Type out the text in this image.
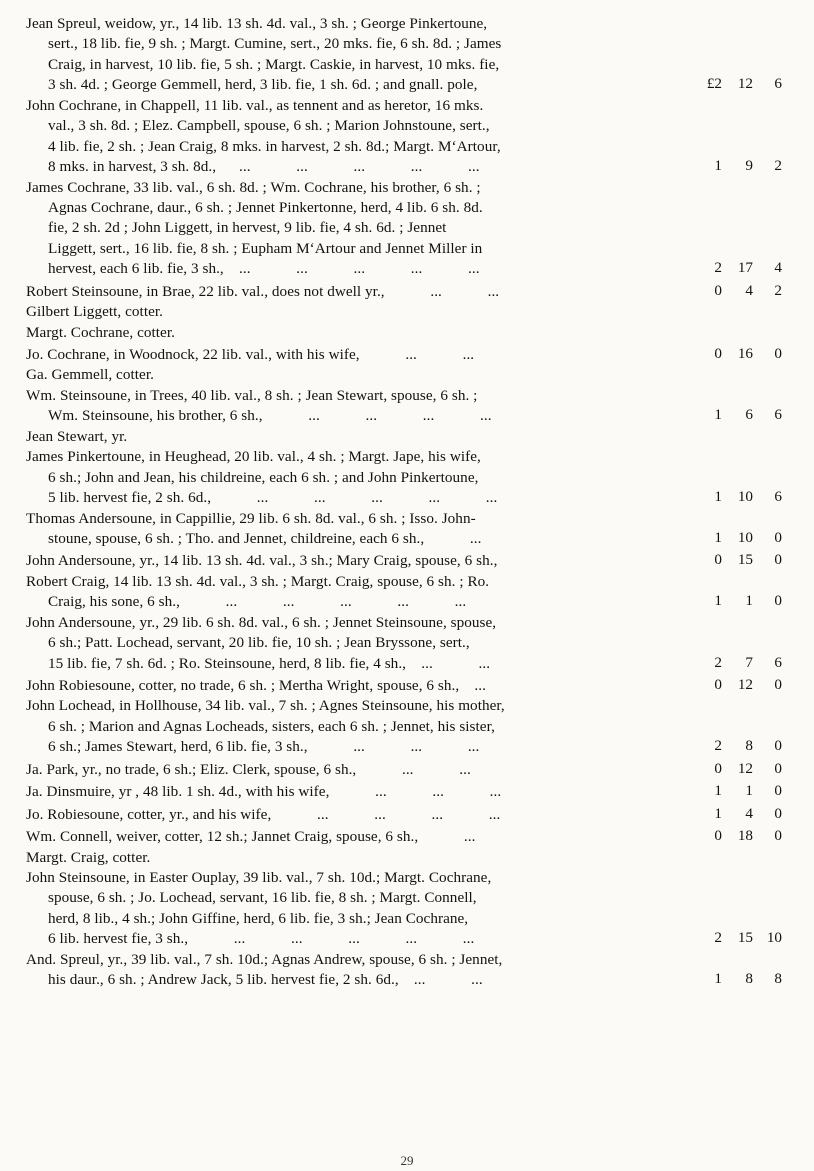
Jean Spreul, weidow, yr., 14 lib. 13 sh. 4d. val., 3 sh. ; George Pinkertoune,
sert., 18 lib. fie, 9 sh. ; Margt. Cumine, sert., 20 mks. fie, 6 sh. 8d. ; James
Craig, in harvest, 10 lib. fie, 5 sh. ; Margt. Caskie, in harvest, 10 mks. fie,
3 sh. 4d. ; George Gemmell, herd, 3 lib. fie, 1 sh. 6d. ; and gnall. pole,	£2	12	6

John Cochrane, in Chappell, 11 lib. val., as tennent and as heretor, 16 mks.
val., 3 sh. 8d. ; Elez. Campbell, spouse, 6 sh. ; Marion Johnstoune, sert.,
4 lib. fie, 2 sh. ; Jean Craig, 8 mks. in harvest, 2 sh. 8d.; Margt. M‘Artour,
8 mks. in harvest, 3 sh. 8d.,   ...   ...   ...   ...   ...	1	9	2

James Cochrane, 33 lib. val., 6 sh. 8d. ; Wm. Cochrane, his brother, 6 sh. ;
Agnas Cochrane, daur., 6 sh. ; Jennet Pinkertonne, herd, 4 lib. 6 sh. 8d.
fie, 2 sh. 2d ; John Liggett, in hervest, 9 lib. fie, 4 sh. 6d. ; Jennet
Liggett, sert., 16 lib. fie, 8 sh. ; Eupham M‘Artour and Jennet Miller in
hervest, each 6 lib. fie, 3 sh., ...   ...   ...   ...   ...	2	17	4

Robert Steinsoune, in Brae, 22 lib. val., does not dwell yr.,   ...   ...	0	4	2

Gilbert Liggett, cotter.			

Margt. Cochrane, cotter.			

Jo. Cochrane, in Woodnock, 22 lib. val., with his wife,   ...   ...	0	16	0

Ga. Gemmell, cotter.			

Wm. Steinsoune, in Trees, 40 lib. val., 8 sh. ; Jean Stewart, spouse, 6 sh. ;
Wm. Steinsoune, his brother, 6 sh.,   ...   ...   ...   ...	1	6	6

Jean Stewart, yr.			

James Pinkertoune, in Heughead, 20 lib. val., 4 sh. ; Margt. Jape, his wife,
6 sh.; John and Jean, his childreine, each 6 sh. ; and John Pinkertoune,
5 lib. hervest fie, 2 sh. 6d.,   ...   ...   ...   ...   ...	1	10	6

Thomas Andersoune, in Cappillie, 29 lib. 6 sh. 8d. val., 6 sh. ; Isso. John-
stoune, spouse, 6 sh. ; Tho. and Jennet, childreine, each 6 sh.,   ...	1	10	0

John Andersoune, yr., 14 lib. 13 sh. 4d. val., 3 sh.; Mary Craig, spouse, 6 sh.,	0	15	0

Robert Craig, 14 lib. 13 sh. 4d. val., 3 sh. ; Margt. Craig, spouse, 6 sh. ; Ro.
Craig, his sone, 6 sh.,   ...   ...   ...   ...   ...	1	1	0

John Andersoune, yr., 29 lib. 6 sh. 8d. val., 6 sh. ; Jennet Steinsoune, spouse,
6 sh.; Patt. Lochead, servant, 20 lib. fie, 10 sh. ; Jean Bryssone, sert.,
15 lib. fie, 7 sh. 6d. ; Ro. Steinsoune, herd, 8 lib. fie, 4 sh., ...   ...	2	7	6

John Robiesoune, cotter, no trade, 6 sh. ; Mertha Wright, spouse, 6 sh., ...	0	12	0

John Lochead, in Hollhouse, 34 lib. val., 7 sh. ; Agnes Steinsoune, his mother,
6 sh. ; Marion and Agnas Locheads, sisters, each 6 sh. ; Jennet, his sister,
6 sh.; James Stewart, herd, 6 lib. fie, 3 sh.,   ...   ...   ...	2	8	0

Ja. Park, yr., no trade, 6 sh.; Eliz. Clerk, spouse, 6 sh.,   ...   ...	0	12	0

Ja. Dinsmuire, yr , 48 lib. 1 sh. 4d., with his wife,   ...   ...   ...	1	1	0

Jo. Robiesoune, cotter, yr., and his wife,   ...   ...   ...   ...	1	4	0

Wm. Connell, weiver, cotter, 12 sh.; Jannet Craig, spouse, 6 sh.,   ...	0	18	0

Margt. Craig, cotter.			

John Steinsoune, in Easter Ouplay, 39 lib. val., 7 sh. 10d.; Margt. Cochrane,
spouse, 6 sh. ; Jo. Lochead, servant, 16 lib. fie, 8 sh. ; Margt. Connell,
herd, 8 lib., 4 sh.; John Giffine, herd, 6 lib. fie, 3 sh.; Jean Cochrane,
6 lib. hervest fie, 3 sh.,   ...   ...   ...   ...   ...	2	15	10

And. Spreul, yr., 39 lib. val., 7 sh. 10d.; Agnas Andrew, spouse, 6 sh. ; Jennet,
his daur., 6 sh. ; Andrew Jack, 5 lib. hervest fie, 2 sh. 6d., ...   ...	1	8	8
29
